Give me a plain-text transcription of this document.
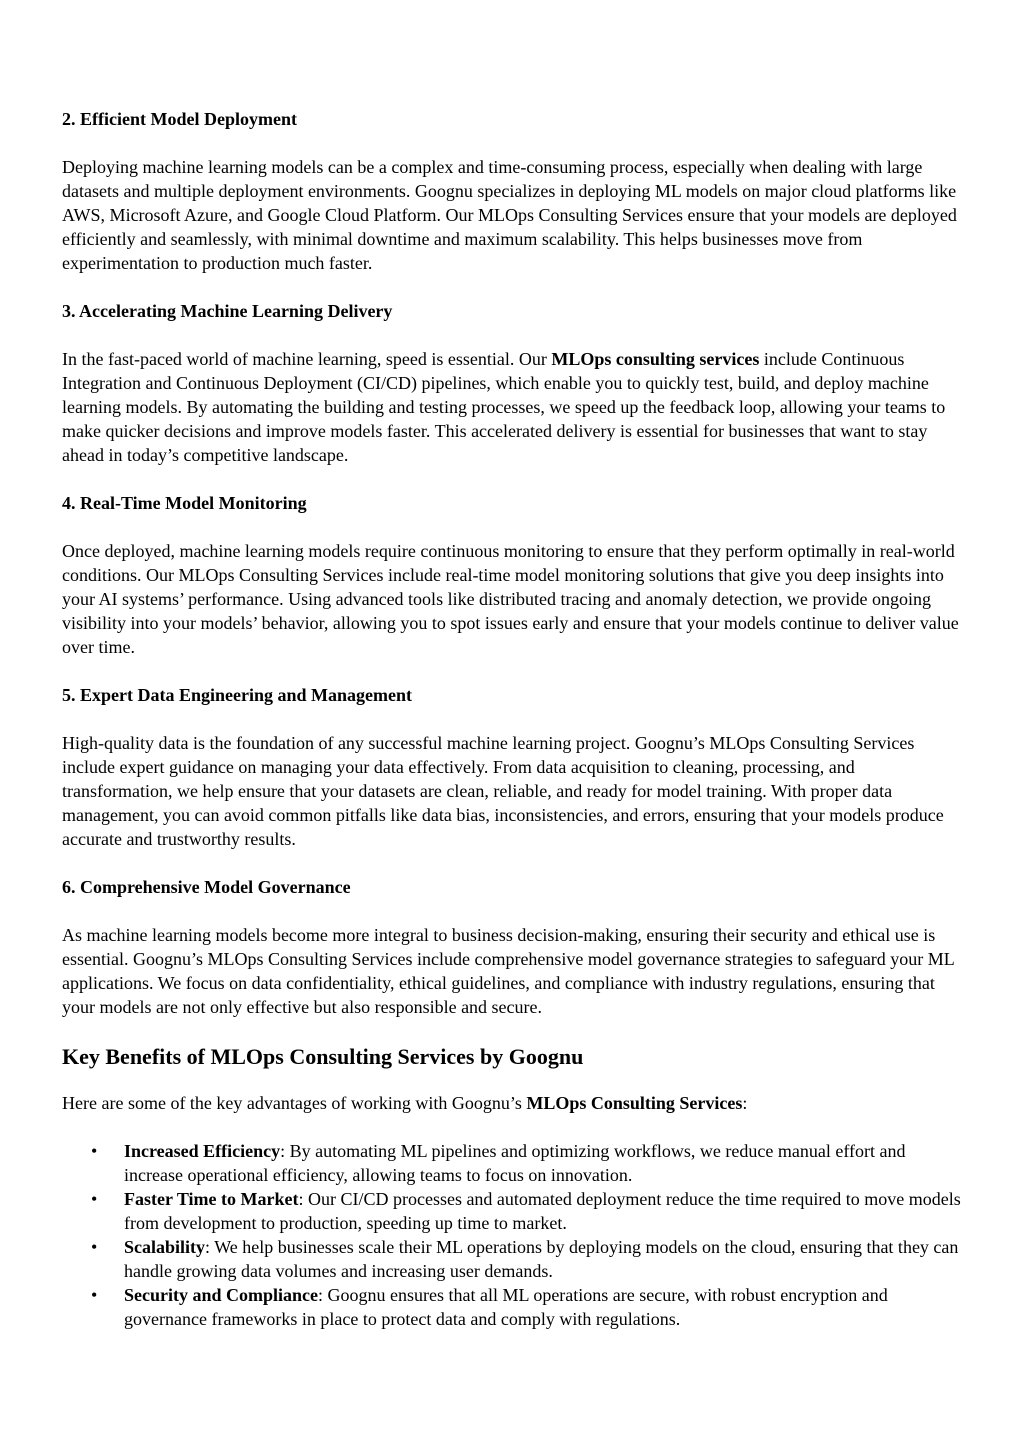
2. Efficient Model Deployment
Deploying machine learning models can be a complex and time-consuming process, especially when dealing with large datasets and multiple deployment environments. Goognu specializes in deploying ML models on major cloud platforms like AWS, Microsoft Azure, and Google Cloud Platform. Our MLOps Consulting Services ensure that your models are deployed efficiently and seamlessly, with minimal downtime and maximum scalability. This helps businesses move from experimentation to production much faster.
3. Accelerating Machine Learning Delivery
In the fast-paced world of machine learning, speed is essential. Our MLOps consulting services include Continuous Integration and Continuous Deployment (CI/CD) pipelines, which enable you to quickly test, build, and deploy machine learning models. By automating the building and testing processes, we speed up the feedback loop, allowing your teams to make quicker decisions and improve models faster. This accelerated delivery is essential for businesses that want to stay ahead in today’s competitive landscape.
4. Real-Time Model Monitoring
Once deployed, machine learning models require continuous monitoring to ensure that they perform optimally in real-world conditions. Our MLOps Consulting Services include real-time model monitoring solutions that give you deep insights into your AI systems’ performance. Using advanced tools like distributed tracing and anomaly detection, we provide ongoing visibility into your models’ behavior, allowing you to spot issues early and ensure that your models continue to deliver value over time.
5. Expert Data Engineering and Management
High-quality data is the foundation of any successful machine learning project. Goognu’s MLOps Consulting Services include expert guidance on managing your data effectively. From data acquisition to cleaning, processing, and transformation, we help ensure that your datasets are clean, reliable, and ready for model training. With proper data management, you can avoid common pitfalls like data bias, inconsistencies, and errors, ensuring that your models produce accurate and trustworthy results.
6. Comprehensive Model Governance
As machine learning models become more integral to business decision-making, ensuring their security and ethical use is essential. Goognu’s MLOps Consulting Services include comprehensive model governance strategies to safeguard your ML applications. We focus on data confidentiality, ethical guidelines, and compliance with industry regulations, ensuring that your models are not only effective but also responsible and secure.
Key Benefits of MLOps Consulting Services by Goognu
Here are some of the key advantages of working with Goognu’s MLOps Consulting Services:
• Increased Efficiency: By automating ML pipelines and optimizing workflows, we reduce manual effort and increase operational efficiency, allowing teams to focus on innovation.
• Faster Time to Market: Our CI/CD processes and automated deployment reduce the time required to move models from development to production, speeding up time to market.
• Scalability: We help businesses scale their ML operations by deploying models on the cloud, ensuring that they can handle growing data volumes and increasing user demands.
• Security and Compliance: Goognu ensures that all ML operations are secure, with robust encryption and governance frameworks in place to protect data and comply with regulations.
